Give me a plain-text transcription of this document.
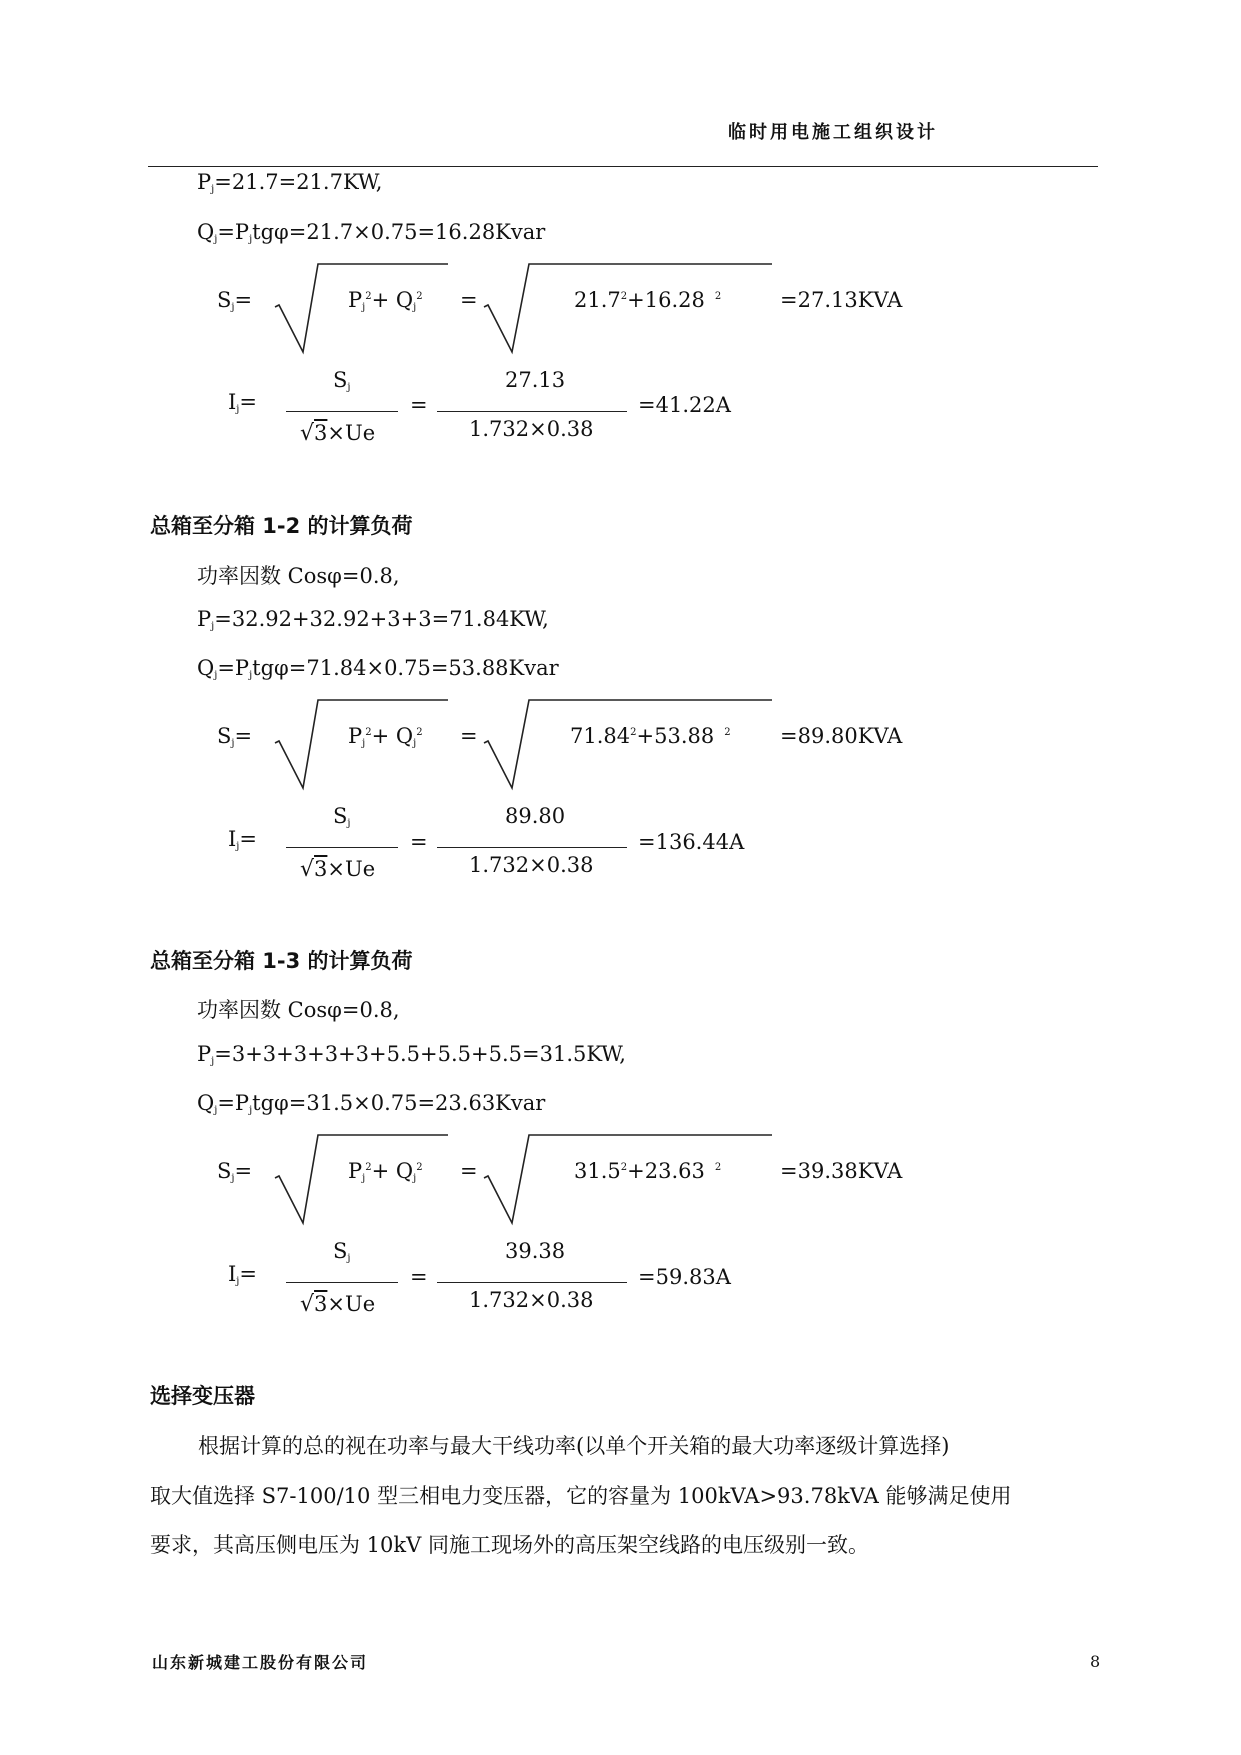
临时用电施工组织设计
$P_j=21.7=21.7KW$,
$Q_j=P_jtg\varphi=21.7\times 0.75=16.28Kvar$
$S_j=$	$P_j^2+ Q_j^2$ =	$21.7^2+16.28$ $^2$	=27.13KVA
$I_j=$
$S_j$
√3×Ue
=
27.13
1.732×0.38
=41.22A
总箱至分箱 1-2 的计算负荷
功率因数 Cosφ=0.8,
$P_j=32.92+32.92+3+3=71.84KW$,
$Q_j=P_jtg\varphi=71.84\times 0.75=53.88Kvar$
$S_j=$	$P_j^2+ Q_j^2$ =	$71.84^2+53.88$ $^2$ =89.80KVA
$I_j=$
$S_j$
√3×Ue
=
89.80
1.732×0.38
=136.44A
总箱至分箱 1-3 的计算负荷
功率因数 Cosφ=0.8,
$P_j=3+3+3+3+3+5.5+5.5+5.5=31.5KW$,
$Q_j=P_jtg\varphi=31.5\times 0.75=23.63Kvar$
$S_j=$	$P_j^2+ Q_j^2$ =	$31.5^2+23.63$ $^2$	=39.38KVA
$I_j=$
$S_j$
√3×Ue
=
39.38
1.732×0.38
=59.83A
选择变压器
根据计算的总的视在功率与最大干线功率(以单个开关箱的最大功率逐级计算选择)
取大值选择 S7-100/10 型三相电力变压器，它的容量为 100kVA>93.78kVA 能够满足使用
要求，其高压侧电压为 10kV 同施工现场外的高压架空线路的电压级别一致。
山东新城建工股份有限公司	8
